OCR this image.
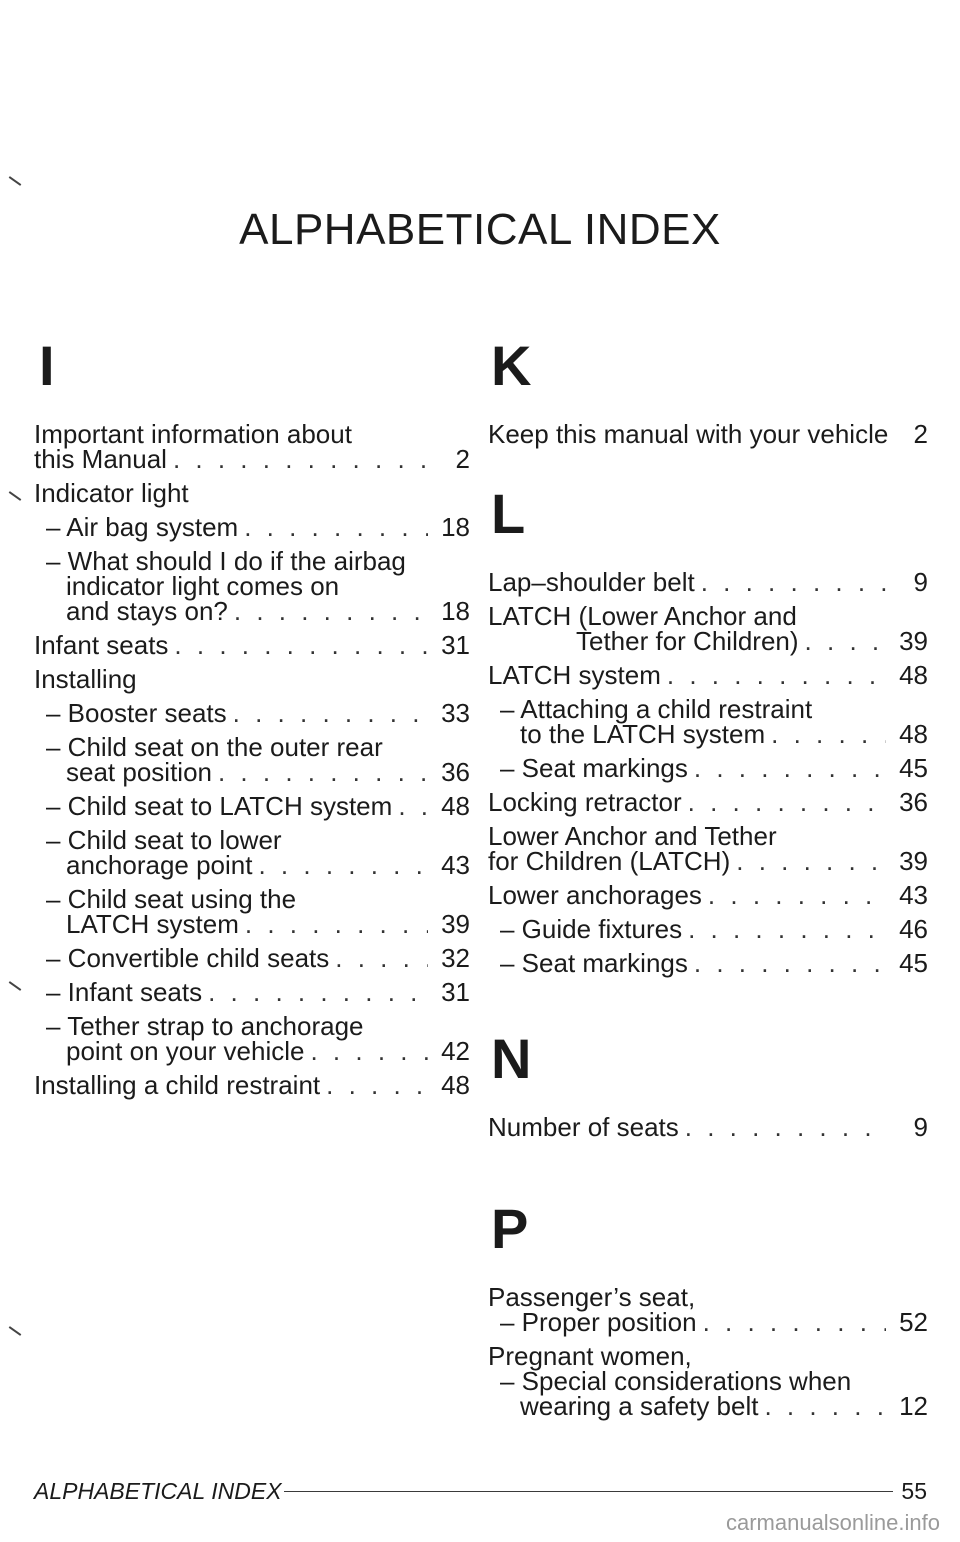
ALPHABETICAL INDEX
I
Important information about
this Manual . . .	2
Indicator light
– Air bag system . . .	18
– What should I do if the airbag
indicator light comes on
and stays on? . . .	18
Infant seats . . .	31
Installing
– Booster seats . . .	33
– Child seat on the outer rear
seat position . . .	36
– Child seat to LATCH system . . . 48
– Child seat to lower
anchorage point . . .	43
– Child seat using the
LATCH system . . .	39
– Convertible child seats . . .	32
– Infant seats . . .	31
– Tether strap to anchorage
point on your vehicle . . .	42
Installing a child restraint . . .	48
K
Keep this manual with your vehicle 2
L
Lap–shoulder belt . . .	9
LATCH (Lower Anchor and
Tether for Children) . . .	39
LATCH system . . .	48
– Attaching a child restraint
to the LATCH system . . .	48
– Seat markings . . .	45
Locking retractor . . .	36
Lower Anchor and Tether
for Children (LATCH) . . .	39
Lower anchorages . . .	43
– Guide fixtures . . .	46
– Seat markings . . .	45
N
Number of seats . . .	9
P
Passenger’s seat,
– Proper position . . .	52
Pregnant women,
– Special considerations when
wearing a safety belt . . .	12
ALPHABETICAL INDEX	55
carmanualsonline.info
